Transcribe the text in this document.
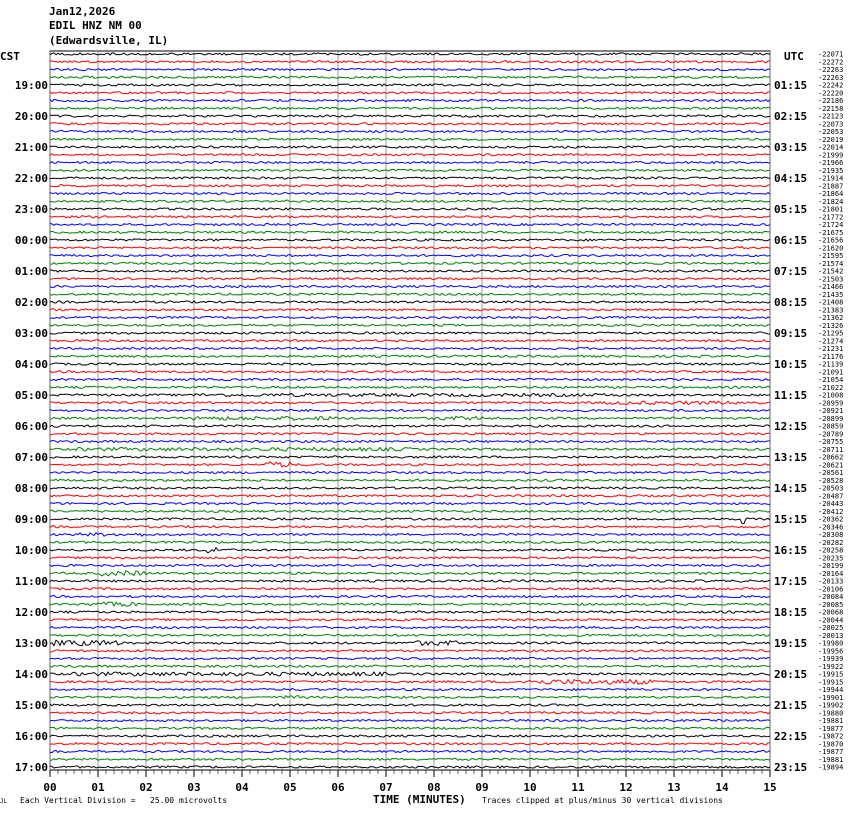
Jan12,2026
EDIL HNZ NM 00
(Edwardsville, IL)
CST	UTC
00	01	02	03	04	05	06	07	08	09	10	11	12	13	14	15
-22071
-22272
-22263
-22263
-22242
-22220
-22186
-22158
-22123
-22073
-22053
-22019
-22014
-21999
-21966
-21935
-21914
-21887
-21864
-21824
-21801
-21772
-21724
-21675
-21656
-21620
-21595
-21574
-21542
-21503
-21466
-21435
-21408
-21383
-21362
-21326
-21295
-21274
-21231
-21176
-21139
-21091
-21054
-21022
-21008
-20959
-20921
-20899
-20859
-20789
-20755
-20711
-20662
-20621
-20561
-20528
-20503
-20487
-20443
-20412
-20362
-20346
-20308
-20282
-20258
-20235
-20199
-20164
-20133
-20106
-20084
-20085
-20068
-20044
-20025
-20013
-19980
-19956
-19939
-19922
-19915
-19915
-19944
-19901
-19902
-19880
-19881
-19877
-19872
-19870
-19877
-19881
-19894
19:00
20:00
21:00
22:00
23:00
00:00
01:00
02:00
03:00
04:00
05:00
06:00
07:00
08:00
09:00
10:00
11:00
12:00
13:00
14:00
15:00
16:00
17:00
01:15
02:15
03:15
04:15
05:15
06:15
07:15
08:15
09:15
10:15
11:15
12:15
13:15
14:15
15:15
16:15
17:15
18:15
19:15
20:15
21:15
22:15
23:15
JL Each Vertical Division =   25.00 microvolts	TIME (MINUTES) Traces clipped at plus/minus 30 vertical divisions
